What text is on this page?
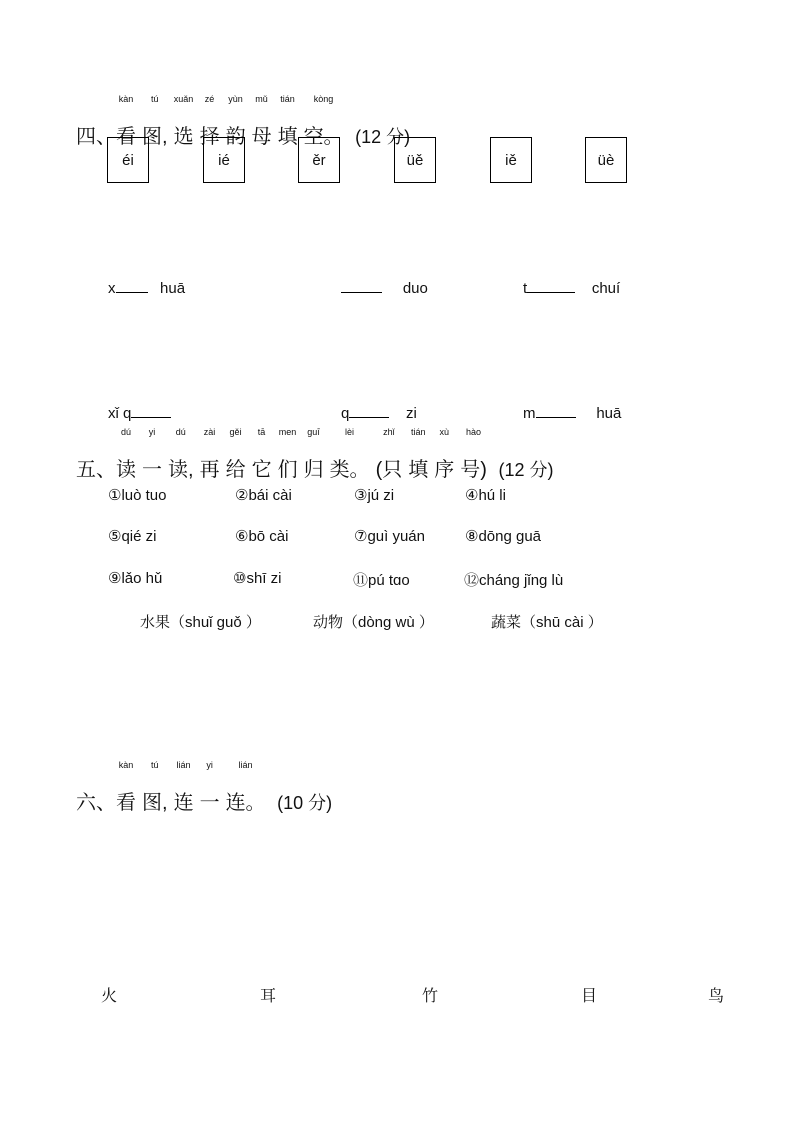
四、
kàn
看
tú
图,
xuǎn
选
zé
择
yùn
韵
mǔ
母
tián
填
kòng
空。 (12 分)
éi	ié	ěr	üě	iě	üè
x	huā	duo	t	chuí
xǐ q	q	zi	m	huā
五、
dú
读
yi
一
dú
读,
zài
再
gěi
给
tā
它
men
们
guī
归
lèi
类。
zhǐ
(只
tián
填
xù
序
hào
号) (12 分)
①luò tuo	②bái cài	③jú zi	④hú li
⑤qié zi	⑥bō cài	⑦guì yuán	⑧dōng guā
⑨lǎo hǔ	⑩shī zi	⑪pú tɑo	⑫cháng jǐng lù
水果（shuǐ guǒ ）	动物（dòng wù ）	蔬菜（shū cài ）
六、
kàn
看
tú
图,
lián
连
yi
一
lián
连。 (10 分)
火	耳	竹	目	鸟
